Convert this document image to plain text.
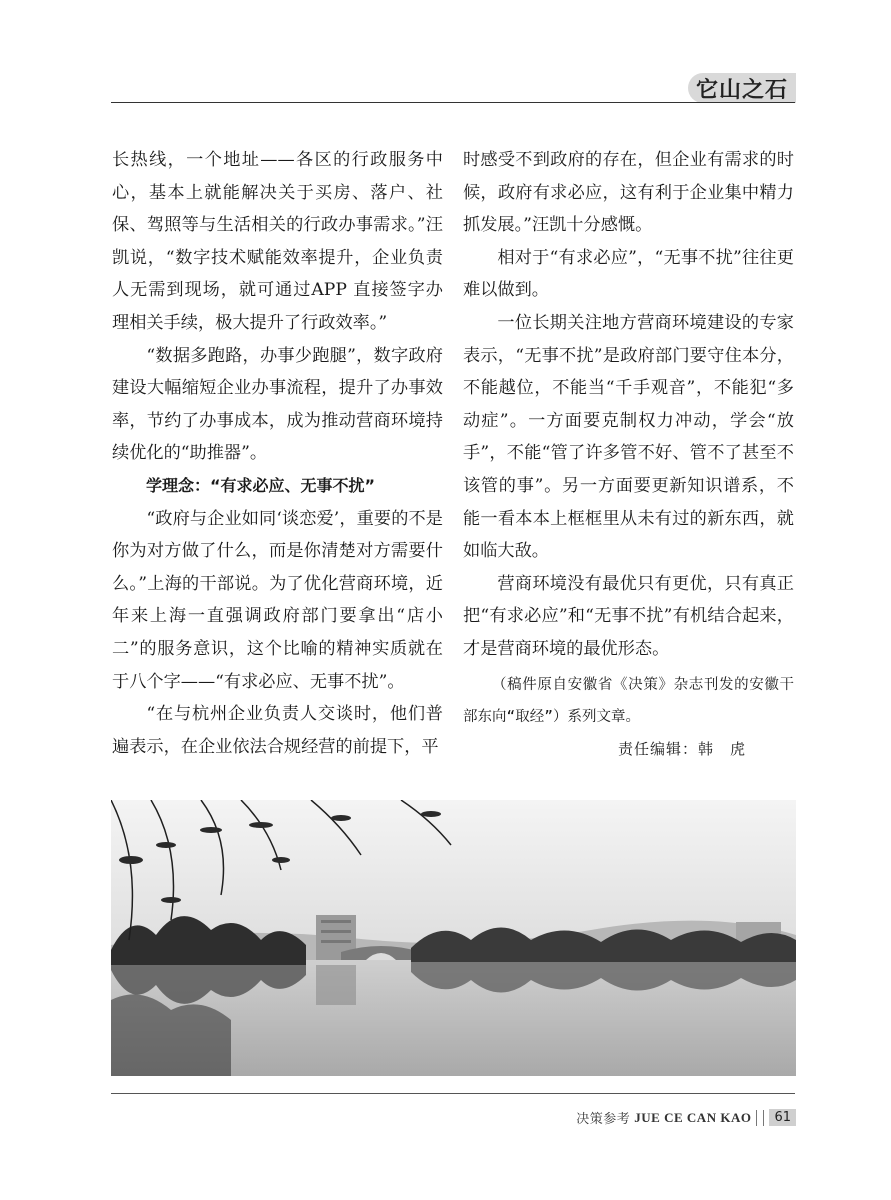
它山之石

长热线，一个地址——各区的行政服务中心，基本上就能解决关于买房、落户、社保、驾照等与生活相关的行政办事需求。”汪凯说，“数字技术赋能效率提升，企业负责人无需到现场，就可通过APP 直接签字办理相关手续，极大提升了行政效率。”

“数据多跑路，办事少跑腿”，数字政府建设大幅缩短企业办事流程，提升了办事效率，节约了办事成本，成为推动营商环境持续优化的“助推器”。

学理念：“有求必应、无事不扰”

“政府与企业如同‘谈恋爱’，重要的不是你为对方做了什么，而是你清楚对方需要什么。”上海的干部说。为了优化营商环境，近年来上海一直强调政府部门要拿出“店小二”的服务意识，这个比喻的精神实质就在于八个字——“有求必应、无事不扰”。

“在与杭州企业负责人交谈时，他们普遍表示，在企业依法合规经营的前提下，平

时感受不到政府的存在，但企业有需求的时候，政府有求必应，这有利于企业集中精力抓发展。”汪凯十分感慨。

相对于“有求必应”，“无事不扰”往往更难以做到。

一位长期关注地方营商环境建设的专家表示，“无事不扰”是政府部门要守住本分，不能越位，不能当“千手观音”，不能犯“多动症”。一方面要克制权力冲动，学会“放手”，不能“管了许多管不好、管不了甚至不该管的事”。另一方面要更新知识谱系，不能一看本本上框框里从未有过的新东西，就如临大敌。

营商环境没有最优只有更优，只有真正把“有求必应”和“无事不扰”有机结合起来，才是营商环境的最优形态。

（稿件原自安徽省《决策》杂志刊发的安徽干部东向“取经”）系列文章。

责任编辑：韩　虎

决策参考 JUE CE CAN KAO	61
